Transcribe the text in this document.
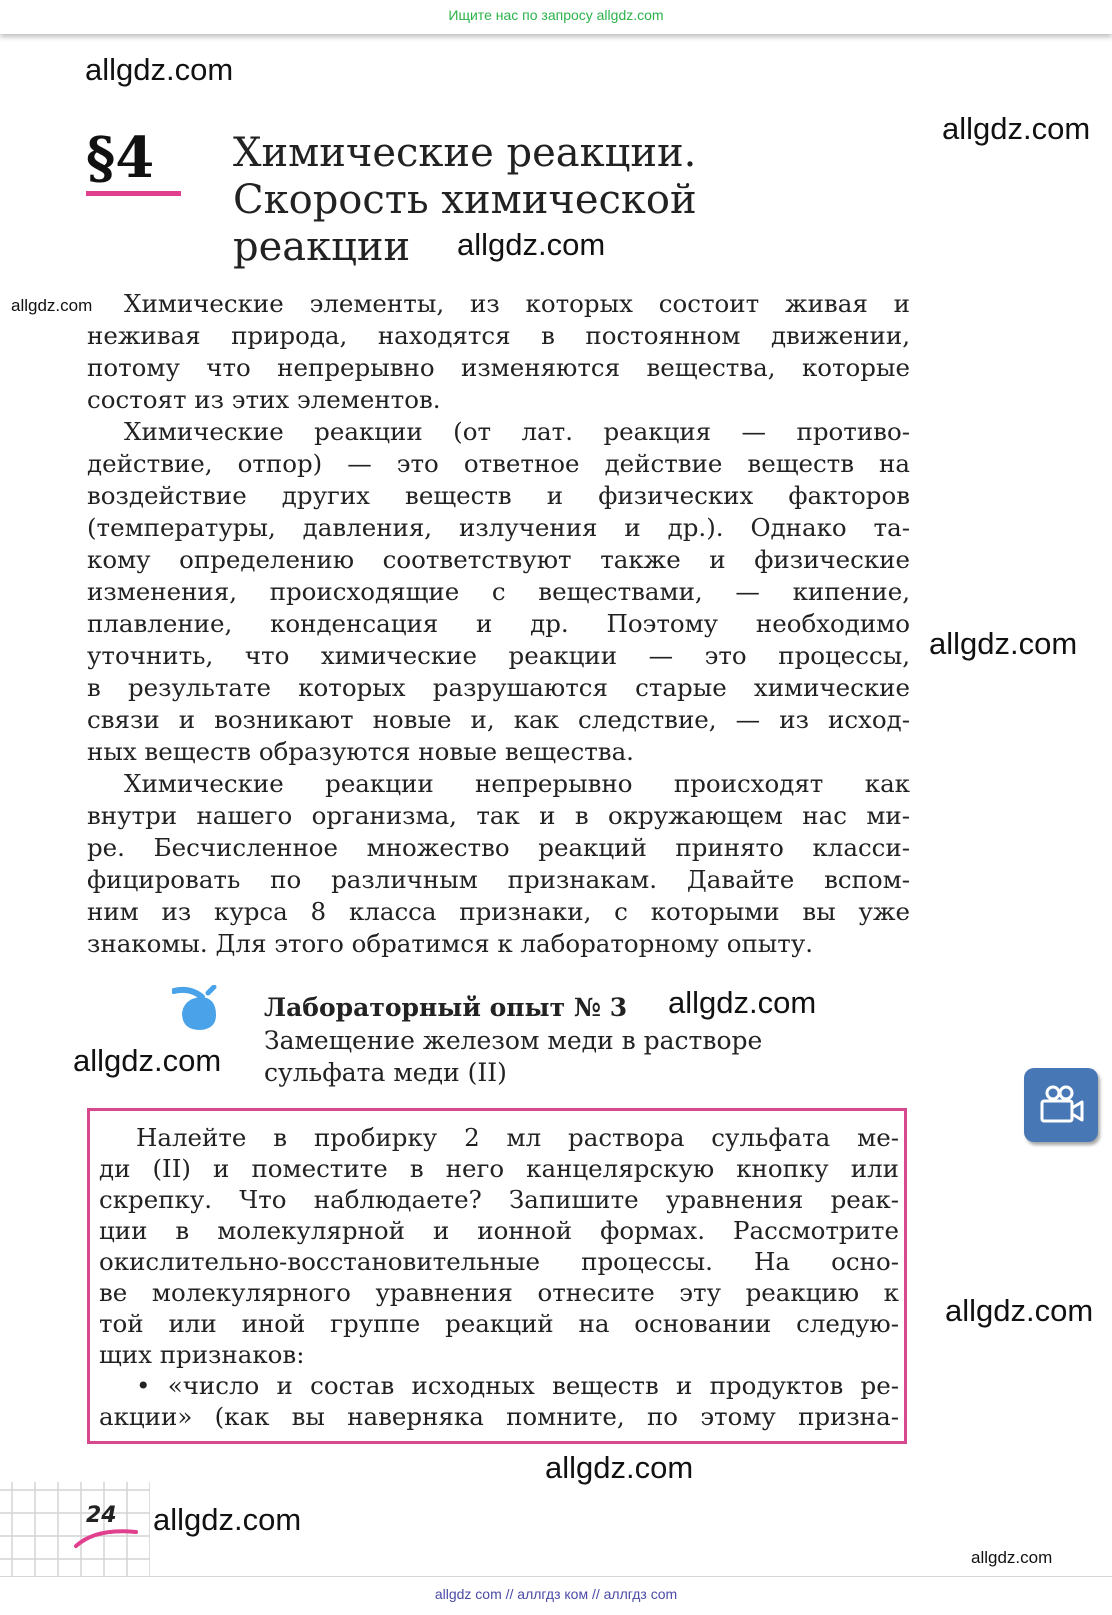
Ищите нас по запросу allgdz.com
allgdz.com
allgdz.com
allgdz.com
allgdz.com
allgdz.com
allgdz.com
allgdz.com
allgdz.com
allgdz.com
allgdz.com
allgdz.com
§4 Химические реакции.
Скорость химической
реакции
Химические элементы, из которых состоит живая и
неживая природа, находятся в постоянном движении,
потому что непрерывно изменяются вещества, которые
состоят из этих элементов.
Химические реакции (от лат. реакция — противо-
действие, отпор) — это ответное действие веществ на
воздействие других веществ и физических факторов
(температуры, давления, излучения и др.). Однако та-
кому определению соответствуют также и физические
изменения, происходящие с веществами, — кипение,
плавление, конденсация и др. Поэтому необходимо
уточнить, что химические реакции — это процессы,
в результате которых разрушаются старые химические
связи и возникают новые и, как следствие, — из исход-
ных веществ образуются новые вещества.
Химические реакции непрерывно происходят как
внутри нашего организма, так и в окружающем нас ми-
ре. Бесчисленное множество реакций принято класси-
фицировать по различным признакам. Давайте вспом-
ним из курса 8 класса признаки, с которыми вы уже
знакомы. Для этого обратимся к лабораторному опыту.
Лабораторный опыт № 3
Замещение железом меди в растворе
сульфата меди (II)
Налейте в пробирку 2 мл раствора сульфата ме-
ди (II) и поместите в него канцелярскую кнопку или
скрепку. Что наблюдаете? Запишите уравнения реак-
ции в молекулярной и ионной формах. Рассмотрите
окислительно-восстановительные процессы. На осно-
ве молекулярного уравнения отнесите эту реакцию к
той или иной группе реакций на основании следую-
щих признаков:
• «число и состав исходных веществ и продуктов ре-
акции» (как вы наверняка помните, по этому призна-
24
allgdz com // аллгдз ком // аллгдз com
